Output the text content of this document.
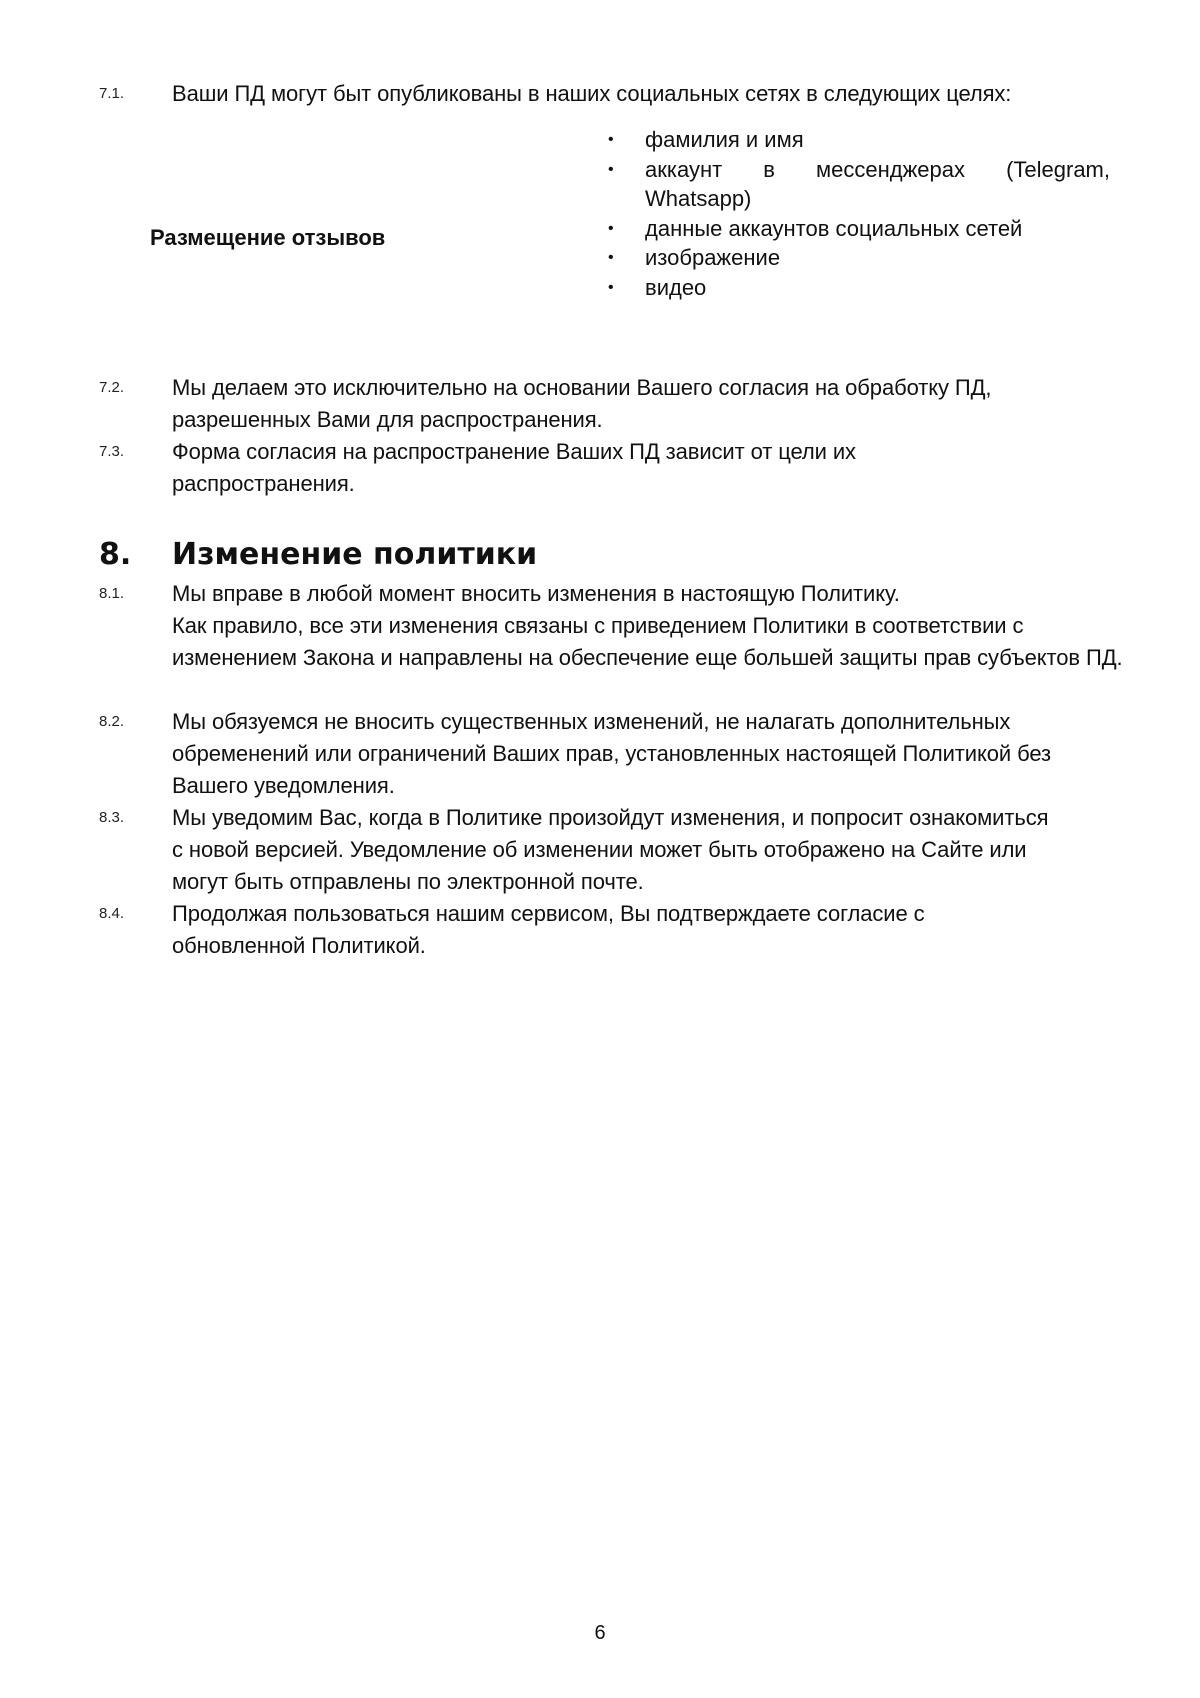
7.1.	Ваши ПД могут быт опубликованы в наших социальных сетях в следующих целях:

Размещение отзывов
• фамилия и имя
• аккаунт в мессенджерах (Telegram, Whatsapp)
• данные аккаунтов социальных сетей
• изображение
• видео
7.2.	Мы делаем это исключительно на основании Вашего согласия на обработку ПД, разрешенных Вами для распространения.

7.3.	Форма согласия на распространение Ваших ПД зависит от цели их распространения.

8.	Изменение политики
8.1.	Мы вправе в любой момент вносить изменения в настоящую Политику.

Как правило, все эти изменения связаны с приведением Политики в соответствии с изменением Закона и направлены на обеспечение еще большей защиты прав субъектов ПД.

8.2.	Мы обязуемся не вносить существенных изменений, не налагать дополнительных обременений или ограничений Ваших прав, установленных настоящей Политикой без Вашего уведомления.

8.3.	Мы уведомим Вас, когда в Политике произойдут изменения, и попросит ознакомиться с новой версией. Уведомление об изменении может быть отображено на Сайте или могут быть отправлены по электронной почте.

8.4.	Продолжая пользоваться нашим сервисом, Вы подтверждаете согласие с обновленной Политикой.

6
